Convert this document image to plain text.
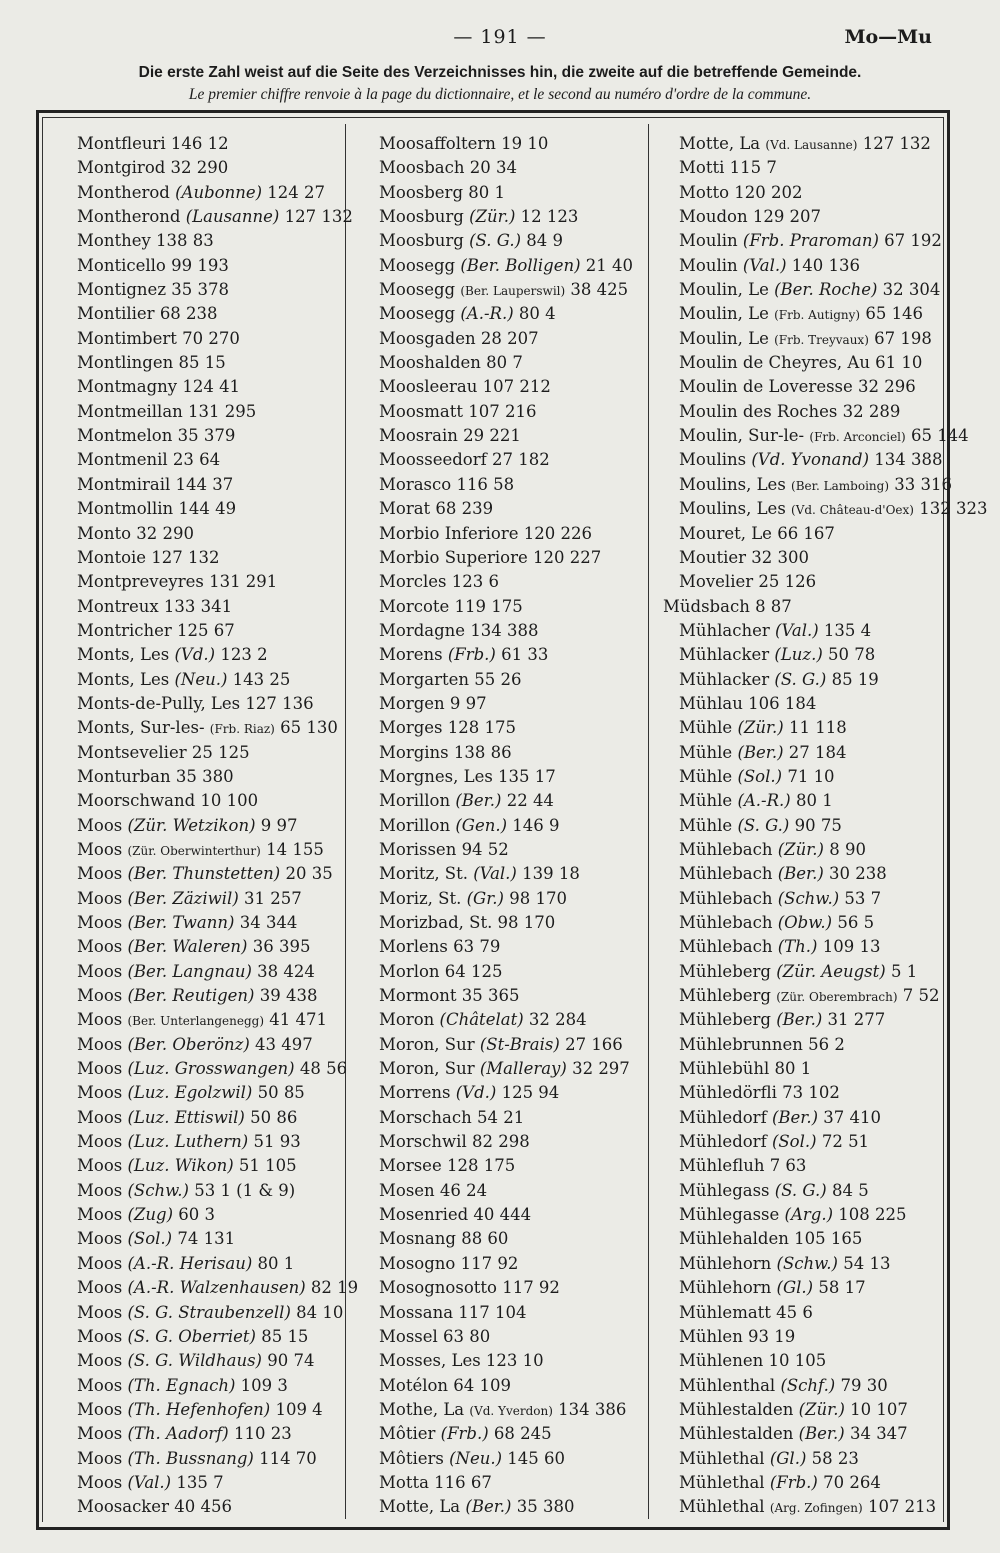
— 191 —	Mo—Mu
Die erste Zahl weist auf die Seite des Verzeichnisses hin, die zweite auf die betreffende Gemeinde.
Le premier chiffre renvoie à la page du dictionnaire, et le second au numéro d'ordre de la commune.
Montfleuri 146 12
Montgirod 32 290
Montherod (Aubonne) 124 27
Montherond (Lausanne) 127 132
Monthey 138 83
Monticello 99 193
Montignez 35 378
Montilier 68 238
Montimbert 70 270
Montlingen 85 15
Montmagny 124 41
Montmeillan 131 295
Montmelon 35 379
Montmenil 23 64
Montmirail 144 37
Montmollin 144 49
Monto 32 290
Montoie 127 132
Montpreveyres 131 291
Montreux 133 341
Montricher 125 67
Monts, Les (Vd.) 123 2
Monts, Les (Neu.) 143 25
Monts-de-Pully, Les 127 136
Monts, Sur-les- (Frb. Riaz) 65 130
Montsevelier 25 125
Monturban 35 380
Moorschwand 10 100
Moos (Zür. Wetzikon) 9 97
Moos (Zür. Oberwinterthur) 14 155
Moos (Ber. Thunstetten) 20 35
Moos (Ber. Zäziwil) 31 257
Moos (Ber. Twann) 34 344
Moos (Ber. Waleren) 36 395
Moos (Ber. Langnau) 38 424
Moos (Ber. Reutigen) 39 438
Moos (Ber. Unterlangenegg) 41 471
Moos (Ber. Oberönz) 43 497
Moos (Luz. Grosswangen) 48 56
Moos (Luz. Egolzwil) 50 85
Moos (Luz. Ettiswil) 50 86
Moos (Luz. Luthern) 51 93
Moos (Luz. Wikon) 51 105
Moos (Schw.) 53 1 (1 & 9)
Moos (Zug) 60 3
Moos (Sol.) 74 131
Moos (A.-R. Herisau) 80 1
Moos (A.-R. Walzenhausen) 82 19
Moos (S. G. Straubenzell) 84 10
Moos (S. G. Oberriet) 85 15
Moos (S. G. Wildhaus) 90 74
Moos (Th. Egnach) 109 3
Moos (Th. Hefenhofen) 109 4
Moos (Th. Aadorf) 110 23
Moos (Th. Bussnang) 114 70
Moos (Val.) 135 7
Moosacker 40 456
Moosaffoltern 19 10
Moosbach 20 34
Moosberg 80 1
Moosburg (Zür.) 12 123
Moosburg (S. G.) 84 9
Moosegg (Ber. Bolligen) 21 40
Moosegg (Ber. Lauperswil) 38 425
Moosegg (A.-R.) 80 4
Moosgaden 28 207
Mooshalden 80 7
Moosleerau 107 212
Moosmatt 107 216
Moosrain 29 221
Moosseedorf 27 182
Morasco 116 58
Morat 68 239
Morbio Inferiore 120 226
Morbio Superiore 120 227
Morcles 123 6
Morcote 119 175
Mordagne 134 388
Morens (Frb.) 61 33
Morgarten 55 26
Morgen 9 97
Morges 128 175
Morgins 138 86
Morgnes, Les 135 17
Morillon (Ber.) 22 44
Morillon (Gen.) 146 9
Morissen 94 52
Moritz, St. (Val.) 139 18
Moriz, St. (Gr.) 98 170
Morizbad, St. 98 170
Morlens 63 79
Morlon 64 125
Mormont 35 365
Moron (Châtelat) 32 284
Moron, Sur (St-Brais) 27 166
Moron, Sur (Malleray) 32 297
Morrens (Vd.) 125 94
Morschach 54 21
Morschwil 82 298
Morsee 128 175
Mosen 46 24
Mosenried 40 444
Mosnang 88 60
Mosogno 117 92
Mosognosotto 117 92
Mossana 117 104
Mossel 63 80
Mosses, Les 123 10
Motélon 64 109
Mothe, La (Vd. Yverdon) 134 386
Môtier (Frb.) 68 245
Môtiers (Neu.) 145 60
Motta 116 67
Motte, La (Ber.) 35 380
Motte, La (Vd. Lausanne) 127 132
Motti 115 7
Motto 120 202
Moudon 129 207
Moulin (Frb. Praroman) 67 192
Moulin (Val.) 140 136
Moulin, Le (Ber. Roche) 32 304
Moulin, Le (Frb. Autigny) 65 146
Moulin, Le (Frb. Treyvaux) 67 198
Moulin de Cheyres, Au 61 10
Moulin de Loveresse 32 296
Moulin des Roches 32 289
Moulin, Sur-le- (Frb. Arconciel) 65 144
Moulins (Vd. Yvonand) 134 388
Moulins, Les (Ber. Lamboing) 33 316
Moulins, Les (Vd. Château-d'Oex) 132 323
Mouret, Le 66 167
Moutier 32 300
Movelier 25 126
Müdsbach 8 87
Mühlacher (Val.) 135 4
Mühlacker (Luz.) 50 78
Mühlacker (S. G.) 85 19
Mühlau 106 184
Mühle (Zür.) 11 118
Mühle (Ber.) 27 184
Mühle (Sol.) 71 10
Mühle (A.-R.) 80 1
Mühle (S. G.) 90 75
Mühlebach (Zür.) 8 90
Mühlebach (Ber.) 30 238
Mühlebach (Schw.) 53 7
Mühlebach (Obw.) 56 5
Mühlebach (Th.) 109 13
Mühleberg (Zür. Aeugst) 5 1
Mühleberg (Zür. Oberembrach) 7 52
Mühleberg (Ber.) 31 277
Mühlebrunnen 56 2
Mühlebühl 80 1
Mühledörfli 73 102
Mühledorf (Ber.) 37 410
Mühledorf (Sol.) 72 51
Mühlefluh 7 63
Mühlegass (S. G.) 84 5
Mühlegasse (Arg.) 108 225
Mühlehalden 105 165
Mühlehorn (Schw.) 54 13
Mühlehorn (Gl.) 58 17
Mühlematt 45 6
Mühlen 93 19
Mühlenen 10 105
Mühlenthal (Schf.) 79 30
Mühlestalden (Zür.) 10 107
Mühlestalden (Ber.) 34 347
Mühlethal (Gl.) 58 23
Mühlethal (Frb.) 70 264
Mühlethal (Arg. Zofingen) 107 213
